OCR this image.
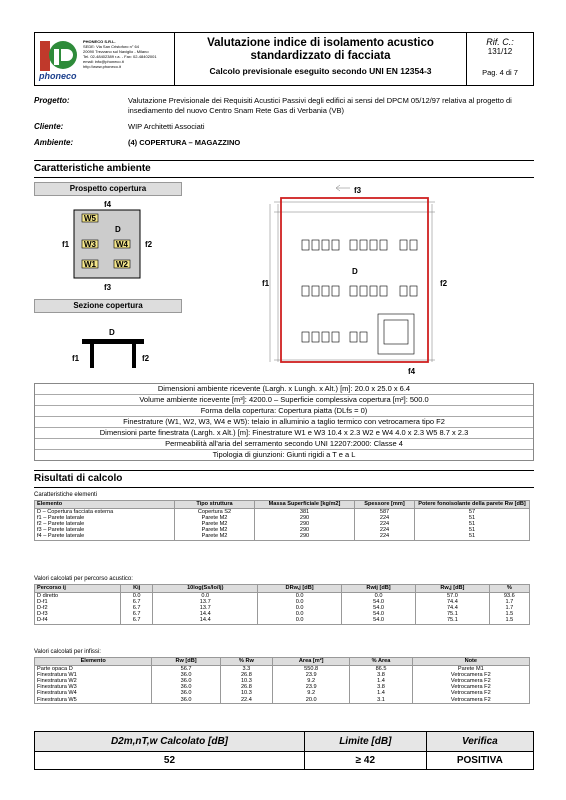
PHONECO S.R.L.
SEDE: Via San Cristoforo n° 64
20090 Trezzano sul Naviglio - Milano
Tel. 02-48402389 r.a. - Fax: 02-48402001
email: info@phoneco.it
http://www.phoneco.it
phoneco
Valutazione indice di isolamento acustico
standardizzato di facciata
Calcolo previsionale eseguito secondo UNI EN 12354-3
Rif. C.:
131/12
Pag. 4 di 7
Progetto:	Valutazione Previsionale dei Requisiti Acustici Passivi degli edifici ai sensi del DPCM 05/12/97 relativa al progetto di insediamento del nuovo Centro Snam Rete Gas di Verbania (VB)
Cliente:	WIP Architetti Associati
Ambiente:	(4) COPERTURA – MAGAZZINO
Caratteristiche ambiente
Prospetto copertura
W5
W3	W4
W1	W2
D
f4
f1	f2
f3
Sezione copertura
D
f1	f2
f3
D
f1	f2
f4
Dimensioni ambiente ricevente (Largh. x Lungh. x Alt.) [m]: 20.0 x 25.0 x 6.4
Volume ambiente ricevente [m³]: 4200.0 – Superficie complessiva copertura [m²]: 500.0
Forma della copertura: Copertura piatta (DLfs = 0)
Finestrature (W1, W2, W3, W4 e W5): telaio in alluminio a taglio termico con vetrocamera tipo F2
Dimensioni parte finestrata (Largh. x Alt.) [m]: Finestrature W1 e W3 10.4 x 2.3 W2 e W4 4.0 x 2.3 W5 8.7 x 2.3
Permeabilità all'aria del serramento secondo UNI 12207:2000: Classe 4
Tipologia di giunzioni: Giunti rigidi a T e a L
Risultati di calcolo
Caratteristiche elementi
Elemento	Tipo struttura	Massa Superficiale [kg/m2]	Spessore [mm]	Potere fonoisolante della parete Rw [dB]
D – Copertura facciata esterna	Copertura S2	381	587	57
f1 – Parete laterale	Parete M2	290	224	51
f2 – Parete laterale	Parete M2	290	224	51
f3 – Parete laterale	Parete M2	290	224	51
f4 – Parete laterale	Parete M2	290	224	51
Valori calcolati per percorso acustico:
Percorso ij	Kij	10log(Ss/lo/lj)	DRw,j [dB]	Rwij [dB]	Rw,j [dB]	%
D diretto	0.0	0.0	0.0	0.0	57.0	93.6
D-f1	6.7	13.7	0.0	54.0	74.4	1.7
D-f2	6.7	13.7	0.0	54.0	74.4	1.7
D-f3	6.7	14.4	0.0	54.0	75.1	1.5
D-f4	6.7	14.4	0.0	54.0	75.1	1.5
Valori calcolati per infissi:
Elemento	Rw [dB]	% Rw	Area [m²]	% Area	Note
Parte opaca D	56.7	3.3	550.8	86.5	Parete M1
Finestratura W1	36.0	26.8	23.9	3.8	Vetrocamera F2
Finestratura W2	36.0	10.3	9.2	1.4	Vetrocamera F2
Finestratura W3	36.0	26.8	23.9	3.8	Vetrocamera F2
Finestratura W4	36.0	10.3	9.2	1.4	Vetrocamera F2
Finestratura W5	36.0	22.4	20.0	3.1	Vetrocamera F2
D2m,nT,w Calcolato [dB]	Limite [dB]	Verifica
52	≥ 42	POSITIVA
